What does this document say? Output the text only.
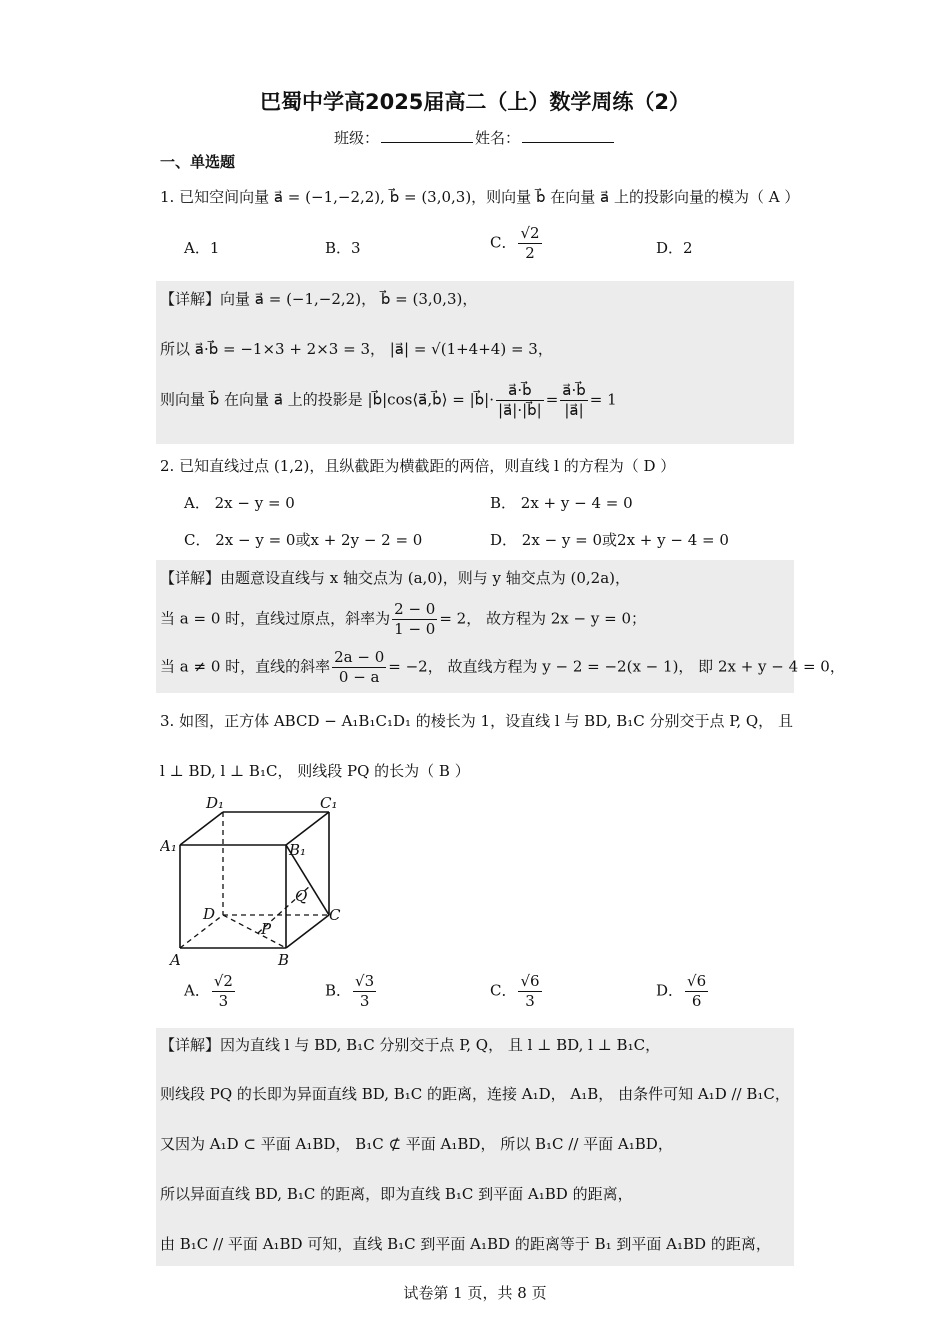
巴蜀中学高2025届高二（上）数学周练（2）
班级：	姓名：
一、单选题
1. 已知空间向量 a⃗ = (−1,−2,2), b⃗ = (3,0,3)，则向量 b⃗ 在向量 a⃗ 上的投影向量的模为（ A ）
A．1	B．3	C． $\frac{√2}{2}$	D．2
【详解】向量 a⃗ = (−1,−2,2)， b⃗ = (3,0,3)，
所以 a⃗·b⃗ = −1×3 + 2×3 = 3， |a⃗| = √(1+4+4) = 3，
则向量 b⃗ 在向量 a⃗ 上的投影是 |b⃗|cos⟨a⃗,b⃗⟩ = |b⃗|· $\frac{a⃗\cdot b⃗}{|a⃗|\cdot|b⃗|} = \frac{a⃗\cdot b⃗}{|a⃗|} = 1$
2. 已知直线过点 (1,2)，且纵截距为横截距的两倍，则直线 l 的方程为（ D ）
A． 2x − y = 0	B． 2x + y − 4 = 0
C． 2x − y = 0或x + 2y − 2 = 0	D． 2x − y = 0或2x + y − 4 = 0
【详解】由题意设直线与 x 轴交点为 (a,0)，则与 y 轴交点为 (0,2a)，
当 a = 0 时，直线过原点，斜率为 $\frac{2 - 0}{1 - 0} = 2$， 故方程为 2x − y = 0；
当 a ≠ 0 时，直线的斜率 $\frac{2a - 0}{0 - a} = -2$， 故直线方程为 y − 2 = −2(x − 1)， 即 2x + y − 4 = 0，
3. 如图，正方体 ABCD − A₁B₁C₁D₁ 的棱长为 1，设直线 l 与 BD, B₁C 分别交于点 P, Q， 且
l ⊥ BD, l ⊥ B₁C， 则线段 PQ 的长为（ B ）
D₁	C₁
A₁	B₁
Q
D	C
P
A	B
A． $\frac{√2}{3}$	B． $\frac{√3}{3}$	C． $\frac{√6}{3}$	D． $\frac{√6}{6}$
【详解】因为直线 l 与 BD, B₁C 分别交于点 P, Q， 且 l ⊥ BD, l ⊥ B₁C，
则线段 PQ 的长即为异面直线 BD, B₁C 的距离，连接 A₁D， A₁B， 由条件可知 A₁D // B₁C，
又因为 A₁D ⊂ 平面 A₁BD， B₁C ⊄ 平面 A₁BD， 所以 B₁C // 平面 A₁BD，
所以异面直线 BD, B₁C 的距离，即为直线 B₁C 到平面 A₁BD 的距离，
由 B₁C // 平面 A₁BD 可知，直线 B₁C 到平面 A₁BD 的距离等于 B₁ 到平面 A₁BD 的距离，
试卷第 1 页，共 8 页
